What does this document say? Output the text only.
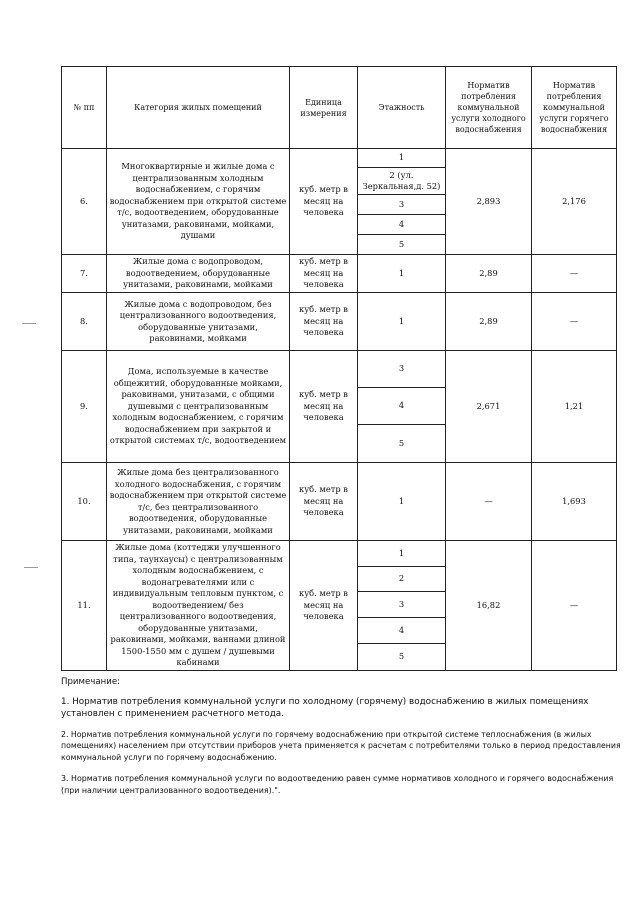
№ пп	Категория жилых помещений	Единица измерения	Этажность	Норматив потребления коммунальной услуги холодного водоснабжения	Норматив потребления коммунальной услуги горячего водоснабжения
6.	Многоквартирные и жилые дома с централизованным холодным водоснабжением, с горячим водоснабжением при открытой системе т/с, водоотведением, оборудованные унитазами, раковинами, мойками, душами	куб. метр в месяц на человека	1	2,893	2,176
			2 (ул. Зеркальная,д. 52)		
			3		
			4		
			5		
7.	Жилые дома с водопроводом, водоотведением, оборудованные унитазами, раковинами, мойками	куб. метр в месяц на человека	1	2,89	—
8.	Жилые дома с водопроводом, без централизованного водоотведения, оборудованные унитазами, раковинами, мойками	куб. метр в месяц на человека	1	2,89	—
9.	Дома, используемые в качестве общежитий, оборудованные мойками, раковинами, унитазами, с общими душевыми с централизованным холодным водоснабжением, с горячим водоснабжением при закрытой и открытой системах т/с, водоотведением	куб. метр в месяц на человека	3	2,671	1,21
			4		
			5		
10.	Жилые дома без централизованного холодного водоснабжения, с горячим водоснабжением при открытой системе т/с, без централизованного водоотведения, оборудованные унитазами, раковинами, мойками	куб. метр в месяц на человека	1	—	1,693
11.	Жилые дома (коттеджи улучшенного типа, таунхаусы) с централизованным холодным водоснабжением, с водонагревателями или с индивидуальным тепловым пунктом, с водоотведением/ без централизованного водоотведения, оборудованные унитазами, раковинами, мойками, ваннами длиной 1500-1550 мм с душем / душевыми кабинами	куб. метр в месяц на человека	1	16,82	—
			2		
			3		
			4		
			5		

Примечание:

1. Норматив потребления коммунальной услуги по холодному (горячему) водоснабжению в жилых помещениях установлен с применением расчетного метода.

2. Норматив потребления коммунальной услуги по горячему водоснабжению при открытой системе теплоснабжения (в жилых помещениях) населением при отсутствии приборов учета применяется к расчетам с потребителями только в период предоставления коммунальной услуги по горячему водоснабжению.

3. Норматив потребления коммунальной услуги по водоотведению равен сумме нормативов холодного и горячего водоснабжения (при наличии централизованного водоотведения).".
